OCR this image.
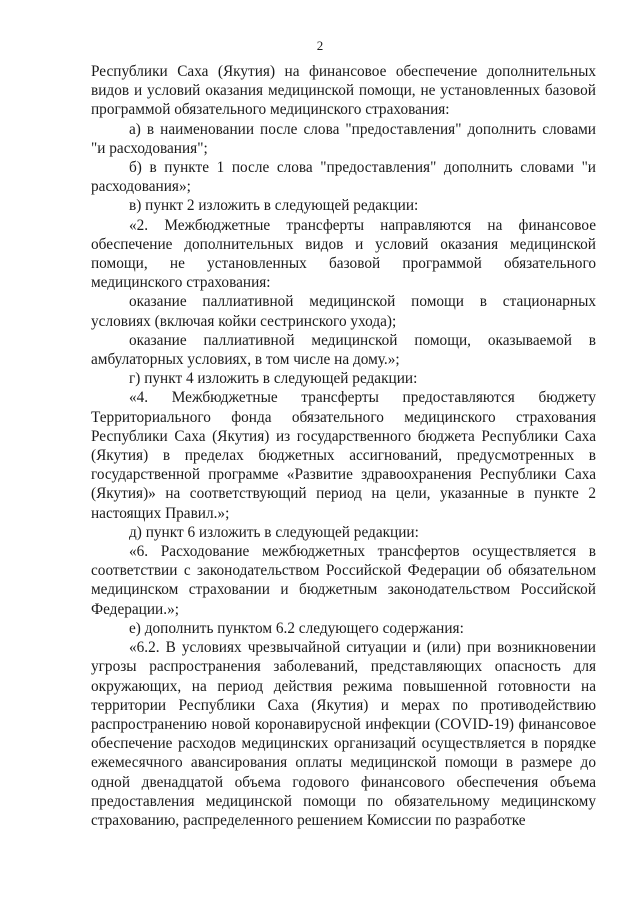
2

Республики Саха (Якутия) на финансовое обеспечение дополнительных видов и условий оказания медицинской помощи, не установленных базовой программой обязательного медицинского страхования:

а) в наименовании после слова "предоставления" дополнить словами "и расходования";

б) в пункте 1 после слова "предоставления" дополнить словами "и расходования»;

в) пункт 2 изложить в следующей редакции:

«2. Межбюджетные трансферты направляются на финансовое обеспечение дополнительных видов и условий оказания медицинской помощи, не установленных базовой программой обязательного медицинского страхования:

оказание паллиативной медицинской помощи в стационарных условиях (включая койки сестринского ухода);

оказание паллиативной медицинской помощи, оказываемой в амбулаторных условиях, в том числе на дому.»;

г) пункт 4 изложить в следующей редакции:

«4. Межбюджетные трансферты предоставляются бюджету Территориального фонда обязательного медицинского страхования Республики Саха (Якутия) из государственного бюджета Республики Саха (Якутия) в пределах бюджетных ассигнований, предусмотренных в государственной программе «Развитие здравоохранения Республики Саха (Якутия)» на соответствующий период на цели, указанные в пункте 2 настоящих Правил.»;

д) пункт 6 изложить в следующей редакции:

«6. Расходование межбюджетных трансфертов осуществляется в соответствии с законодательством Российской Федерации об обязательном медицинском страховании и бюджетным законодательством Российской Федерации.»;

е) дополнить пунктом 6.2 следующего содержания:

«6.2. В условиях чрезвычайной ситуации и (или) при возникновении угрозы распространения заболеваний, представляющих опасность для окружающих, на период действия режима повышенной готовности на территории Республики Саха (Якутия) и мерах по противодействию распространению новой коронавирусной инфекции (COVID-19) финансовое обеспечение расходов медицинских организаций осуществляется в порядке ежемесячного авансирования оплаты медицинской помощи в размере до одной двенадцатой объема годового финансового обеспечения объема предоставления медицинской помощи по обязательному медицинскому страхованию, распределенного решением Комиссии по разработке
